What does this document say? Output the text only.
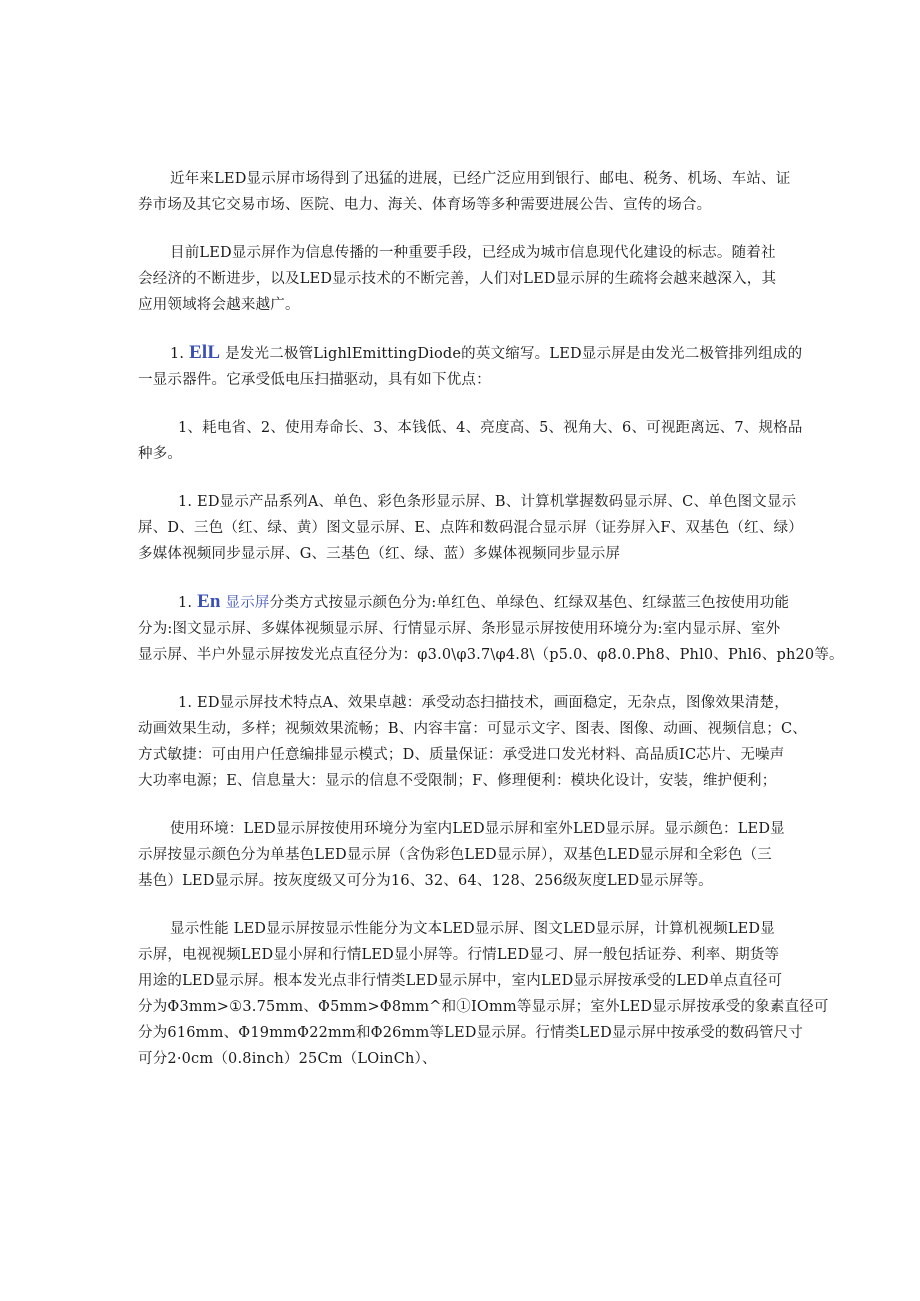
近年来LED显示屏市场得到了迅猛的进展，已经广泛应用到银行、邮电、税务、机场、车站、证
券市场及其它交易市场、医院、电力、海关、体育场等多种需要进展公告、宣传的场合。

目前LED显示屏作为信息传播的一种重要手段，已经成为城市信息现代化建设的标志。随着社
会经济的不断进步，以及LED显示技术的不断完善，人们对LED显示屏的生疏将会越来越深入，其
应用领域将会越来越广。

1. ElL 是发光二极管LighlEmittingDiode的英文缩写。LED显示屏是由发光二极管排列组成的
一显示器件。它承受低电压扫描驱动，具有如下优点：

1、耗电省、2、使用寿命长、3、本钱低、4、亮度高、5、视角大、6、可视距离远、7、规格品
种多。

1. ED显示产品系列A、单色、彩色条形显示屏、B、计算机掌握数码显示屏、C、单色图文显示
屏、D、三色（红、绿、黄）图文显示屏、E、点阵和数码混合显示屏（证券屏入F、双基色（红、绿）
多媒体视频同步显示屏、G、三基色（红、绿、蓝）多媒体视频同步显示屏

1. En 显示屏分类方式按显示颜色分为:单红色、单绿色、红绿双基色、红绿蓝三色按使用功能
分为:图文显示屏、多媒体视频显示屏、行情显示屏、条形显示屏按使用环境分为:室内显示屏、室外
显示屏、半户外显示屏按发光点直径分为：φ3.0\φ3.7\φ4.8\（p5.0、φ8.0.Ph8、Phl0、Phl6、ph20等。

1. ED显示屏技术特点A、效果卓越：承受动态扫描技术，画面稳定，无杂点，图像效果清楚，
动画效果生动，多样；视频效果流畅；B、内容丰富：可显示文字、图表、图像、动画、视频信息；C、
方式敏捷：可由用户任意编排显示模式；D、质量保证：承受进口发光材料、高品质IC芯片、无噪声
大功率电源；E、信息量大：显示的信息不受限制；F、修理便利：模块化设计，安装，维护便利；

使用环境：LED显示屏按使用环境分为室内LED显示屏和室外LED显示屏。显示颜色：LED显
示屏按显示颜色分为单基色LED显示屏（含伪彩色LED显示屏），双基色LED显示屏和全彩色（三
基色）LED显示屏。按灰度级又可分为16、32、64、128、256级灰度LED显示屏等。

显示性能 LED显示屏按显示性能分为文本LED显示屏、图文LED显示屏，计算机视频LED显
示屏，电视视频LED显小屏和行情LED显小屏等。行情LED显刁、屏一般包括证券、利率、期货等
用途的LED显示屏。根本发光点非行情类LED显示屏中，室内LED显示屏按承受的LED单点直径可
分为Φ3mm>①3.75mm、Φ5mm>Φ8mm^和①IOmm等显示屏；室外LED显示屏按承受的象素直径可
分为616mm、Φ19mmΦ22mm和Φ26mm等LED显示屏。行情类LED显示屏中按承受的数码管尺寸
可分2·0cm（0.8inch）25Cm（LOinCh）、
